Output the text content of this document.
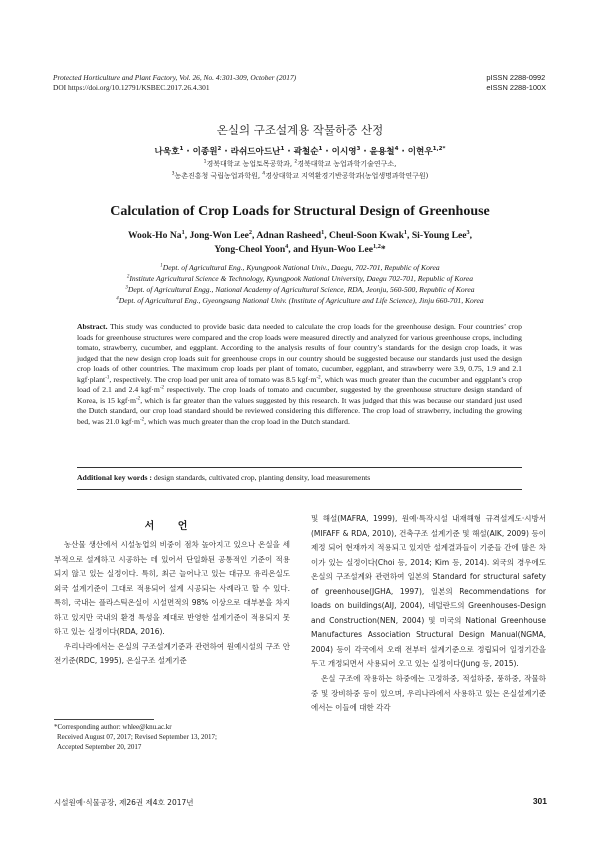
Protected Horticulture and Plant Factory, Vol. 26, No. 4:301-309, October (2017)
DOI https://doi.org/10.12791/KSBEC.2017.26.4.301
pISSN 2288-0992
eISSN 2288-100X
온실의 구조설계용 작물하중 산정
나욱호$^1$ · 이종원$^2$ · 라쉬드아드난$^1$ · 곽철순$^1$ · 이시영$^3$ · 윤용철$^4$ · 이현우$^{1,2*}$
$^1$경북대학교 농업토목공학과, $^2$경북대학교 농업과학기술연구소,
$^3$농촌진흥청 국립농업과학원, $^4$경상대학교 지역환경기반공학과(농업생명과학연구원)
Calculation of Crop Loads for Structural Design of Greenhouse
Wook-Ho Na$^1$, Jong-Won Lee$^2$, Adnan Rasheed$^1$, Cheul-Soon Kwak$^1$, Si-Young Lee$^3$,
Yong-Cheol Yoon$^4$, and Hyun-Woo Lee$^{1,2}$*
$^1$Dept. of Agricultural Eng., Kyungpook National Univ., Daegu, 702-701, Republic of Korea
$^2$Institute Agricultural Science & Technology, Kyungpook National University, Daegu 702-701, Republic of Korea
$^3$Dept. of Agricultural Engg., National Academy of Agricultural Science, RDA, Jeonju, 560-500, Republic of Korea
$^4$Dept. of Agricultural Eng., Gyeongsang National Univ. (Institute of Agriculture and Life Science), Jinju 660-701, Korea
Abstract. This study was conducted to provide basic data needed to calculate the crop loads for the greenhouse design. Four countries’ crop loads for greenhouse structures were compared and the crop loads were measured directly and analyzed for various greenhouse crops, including tomato, strawberry, cucumber, and eggplant. According to the analysis results of four country’s standards for the design crop loads, it was judged that the new design crop loads suit for greenhouse crops in our country should be suggested because our standards just used the design crop loads of other countries. The maximum crop loads per plant of tomato, cucumber, eggplant, and strawberry were 3.9, 0.75, 1.9 and 2.1 kgf·plant$^{-1}$, respectively. The crop load per unit area of tomato was 8.5 $kgf\cdot m^{-2}$, which was much greater than the cucumber and eggplant’s crop load of 2.1 and 2.4 $kgf\cdot m^{-2}$ respectively. The crop loads of tomato and cucumber, suggested by the greenhouse structure design standard of Korea, is 15 $kgf\cdot m^{-2}$, which is far greater than the values suggested by this research. It was judged that this was because our standard just used the Dutch standard, our crop load standard should be reviewed considering this difference. The crop load of strawberry, including the growing bed, was 21.0 $kgf\cdot m^{-2}$, which was much greater than the crop load in the Dutch standard.
Additional key words : design standards, cultivated crop, planting density, load measurements
서 언

농산물 생산에서 시설농업의 비중이 점차 높아지고 있으나 온실을 세부적으로 설계하고 시공하는 데 있어서 단일화된 공통적인 기준이 적용되지 않고 있는 실정이다. 특히, 최근 늘어나고 있는 대규모 유리온실도 외국 설계기준이 그대로 적용되어 설계 시공되는 사례라고 할 수 있다. 특히, 국내는 플라스틱온실이 시설면적의 98% 이상으로 대부분을 차지하고 있지만 국내의 환경 특성을 제대로 반영한 설계기준이 적용되지 못하고 있는 실정이다(RDA, 2016).

우리나라에서는 온실의 구조설계기준과 관련하여 원예시설의 구조 안전기준(RDC, 1995), 온실구조 설계기준

및 해설(MAFRA, 1999), 원예·특작시설 내재해형 규격설계도·시방서(MIFAFF & RDA, 2010), 건축구조 설계기준 및 해설(AIK, 2009) 등이 제정 되어 현재까지 적용되고 있지만 설계결과들이 기준들 간에 많은 차이가 있는 실정이다(Choi 등, 2014; Kim 등, 2014). 외국의 경우에도 온실의 구조설계와 관련하여 일본의 Standard for structural safety of greenhouse(JGHA, 1997), 일본의 Recommendations for loads on buildings(AIJ, 2004), 네덜란드의 Greenhouses-Design and Construction(NEN, 2004) 및 미국의 National Greenhouse Manufactures Association Structural Design Manual(NGMA, 2004) 등이 각국에서 오래 전부터 설계기준으로 정립되어 일정기간을 두고 개정되면서 사용되어 오고 있는 실정이다(Jung 등, 2015).

온실 구조에 작용하는 하중에는 고정하중, 적설하중, 풍하중, 작물하중 및 장비하중 등이 있으며, 우리나라에서 사용하고 있는 온실설계기준에서는 이들에 대한 각각

*Corresponding author: whlee@knu.ac.kr
Received August 07, 2017; Revised September 13, 2017;
Accepted September 20, 2017
시설원예·식물공장, 제26권 제4호 2017년	301
